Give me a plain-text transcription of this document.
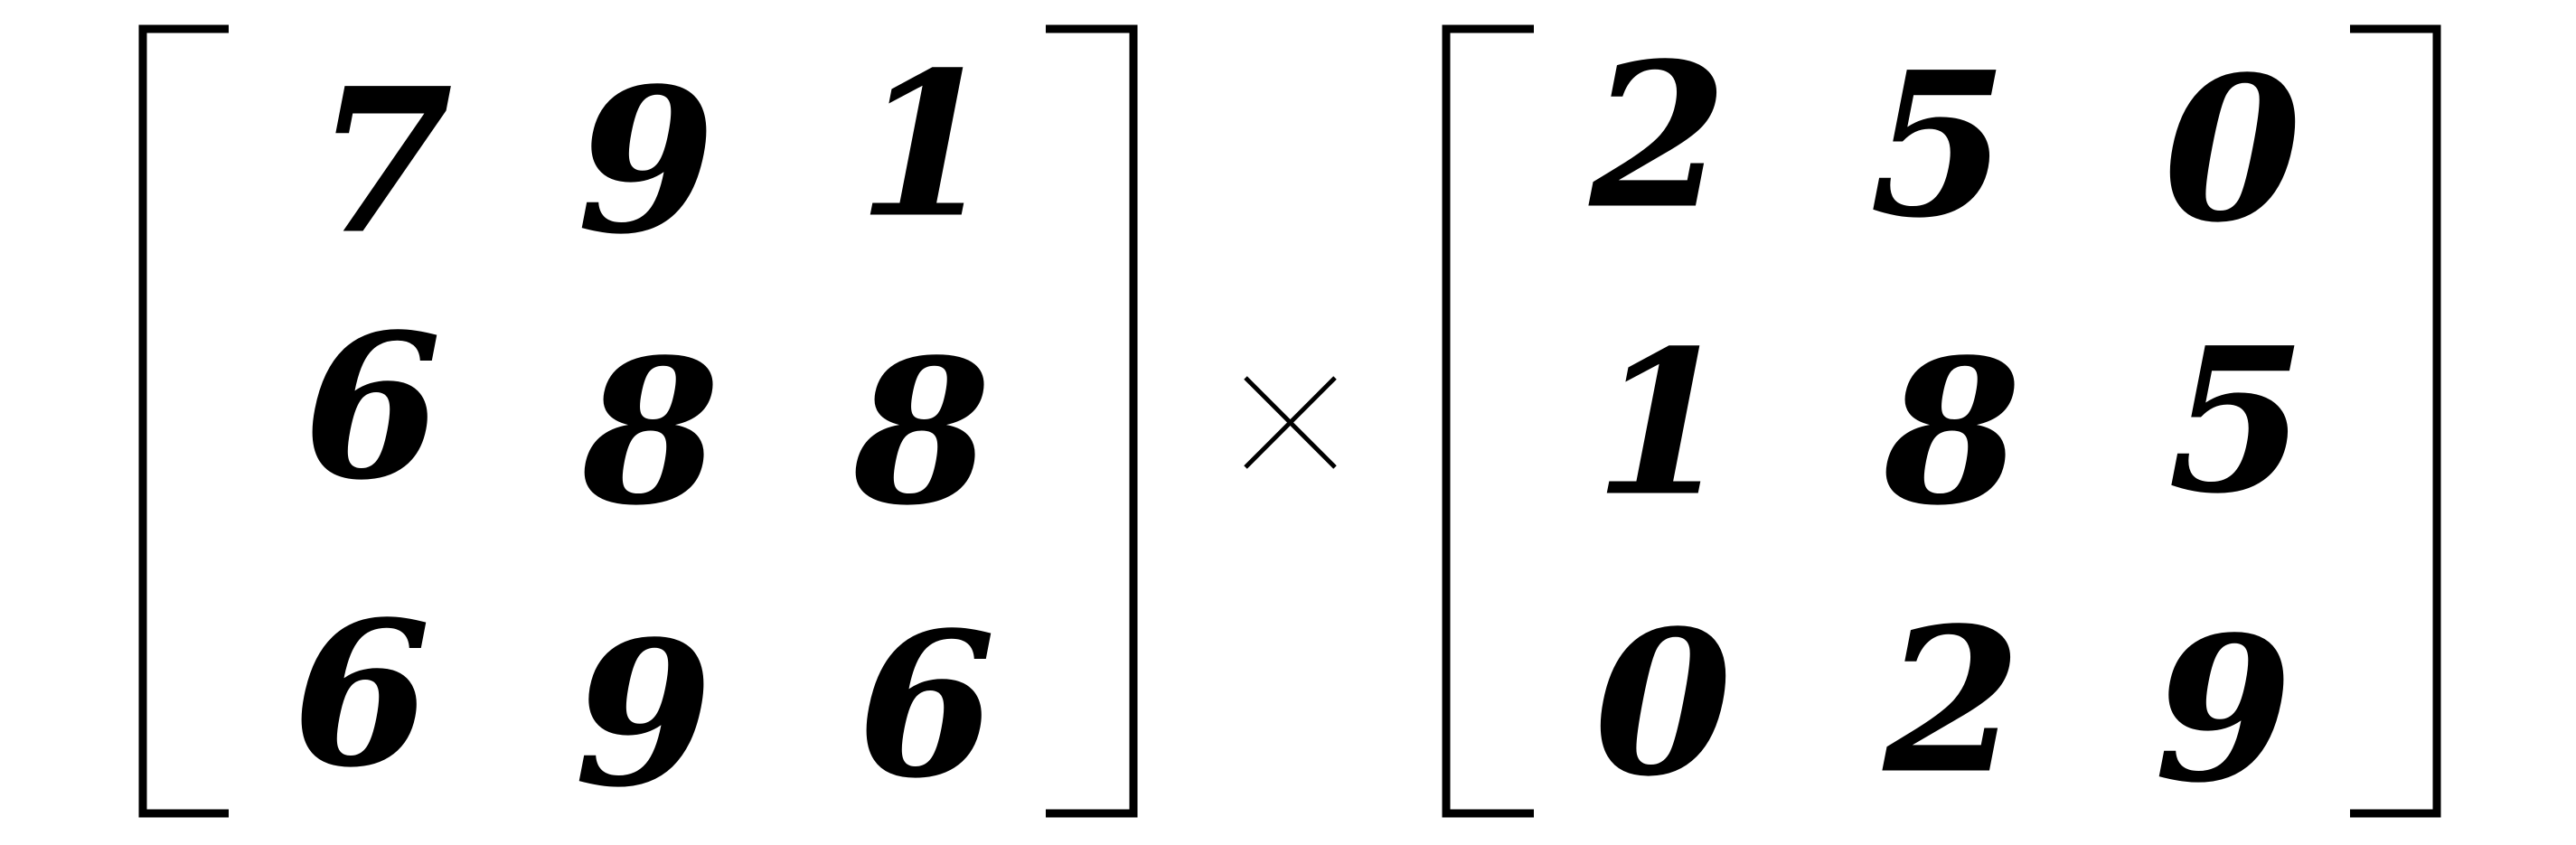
7 9 1
6 8 8
6 9 6
2 5 0
1 8 5
0 2 9
×
